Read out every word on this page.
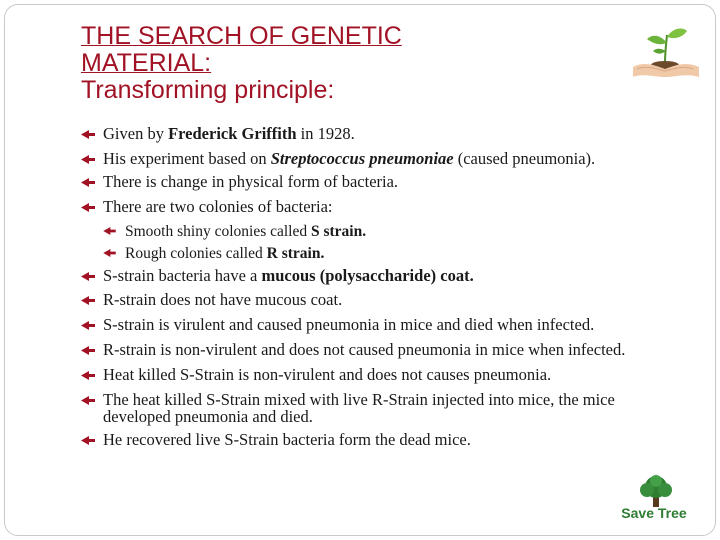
THE SEARCH OF GENETIC
MATERIAL:
Transforming principle:
Given by Frederick Griffith in 1928.
His experiment based on Streptococcus pneumoniae (caused pneumonia).
There is change in physical form of bacteria.
There are two colonies of bacteria:
Smooth shiny colonies called S strain.
Rough colonies called R strain.
S-strain bacteria have a mucous (polysaccharide) coat.
R-strain does not have mucous coat.
S-strain is virulent and caused pneumonia in mice and died when infected.
R-strain is non-virulent and does not caused pneumonia in mice when infected.
Heat killed S-Strain is non-virulent and does not causes pneumonia.
The heat killed S-Strain mixed with live R-Strain injected into mice, the mice developed pneumonia and died.
He recovered live S-Strain bacteria form the dead mice.
Save Tree
